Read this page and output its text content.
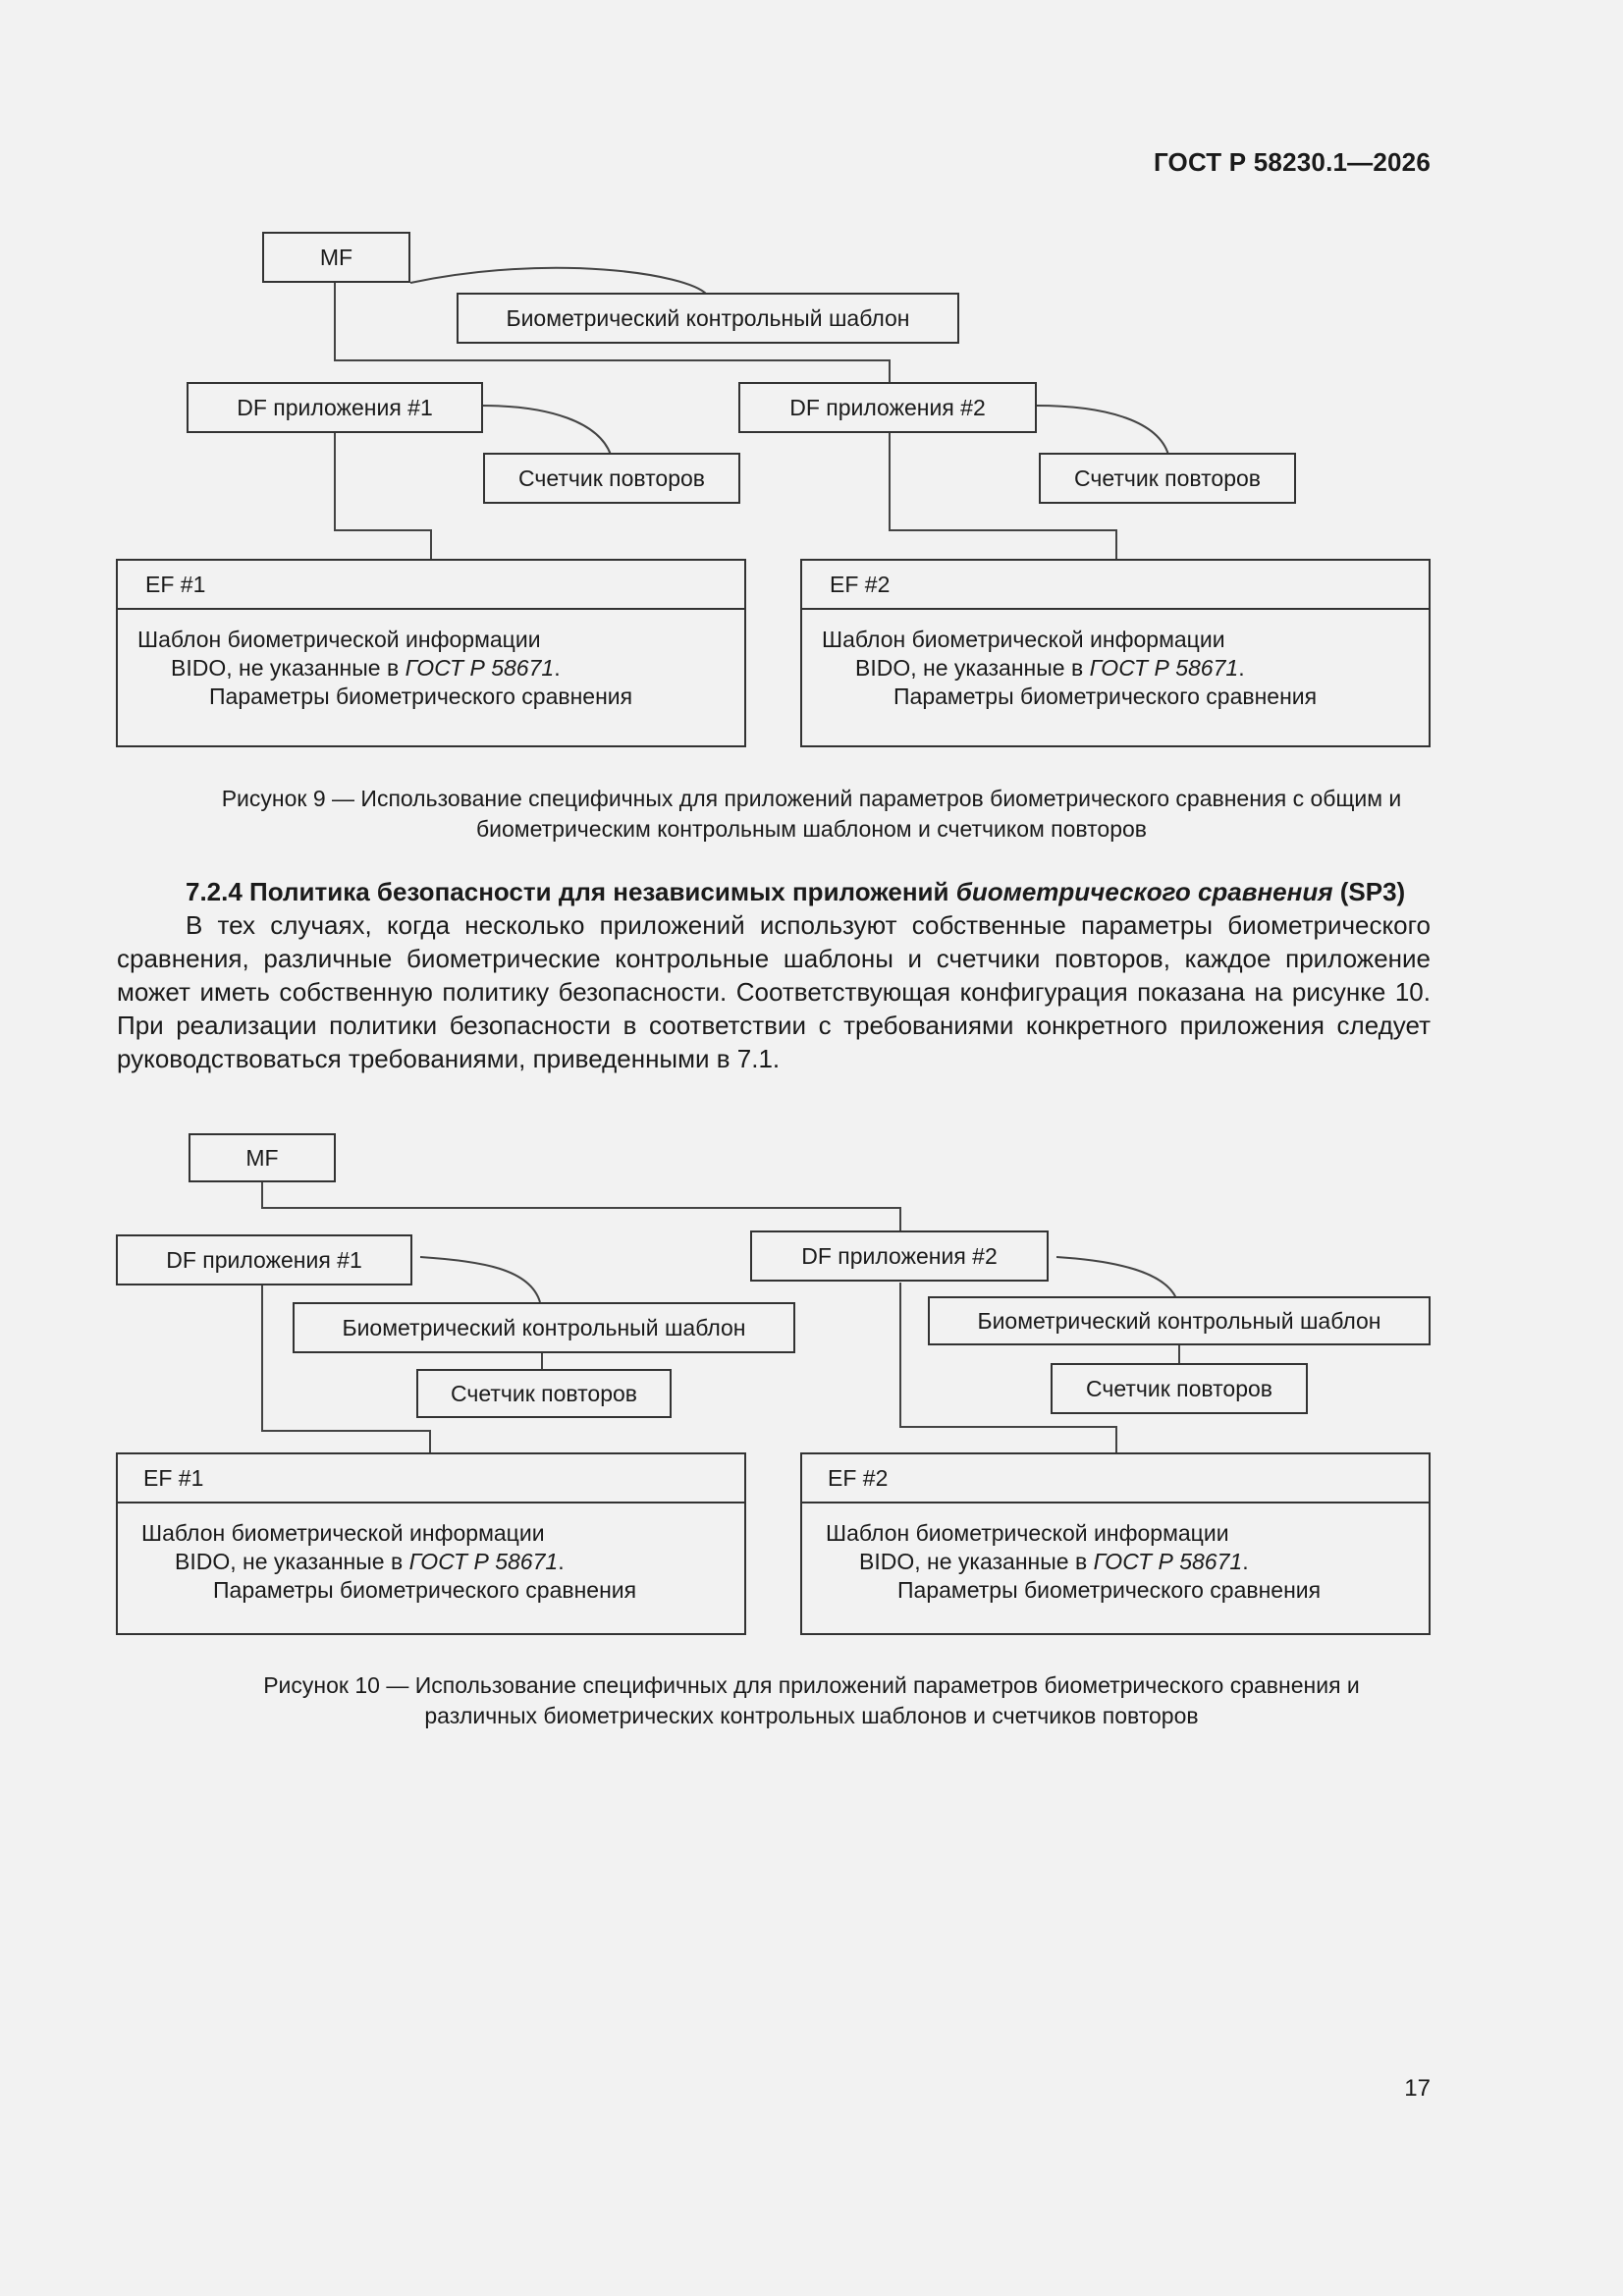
ГОСТ Р 58230.1—2026
MF
Биометрический контрольный шаблон
DF приложения #1	DF приложения #2
Счетчик повторов	Счетчик повторов
EF #1
Шаблон биометрической информации
BIDO, не указанные в ГОСТ Р 58671.
Параметры биометрического сравнения
EF #2
Шаблон биометрической информации
BIDO, не указанные в ГОСТ Р 58671.
Параметры биометрического сравнения
Рисунок 9 — Использование специфичных для приложений параметров биометрического сравнения с общим и
биометрическим контрольным шаблоном и счетчиком повторов
7.2.4 Политика безопасности для независимых приложений биометрического сравнения (SP3)
В тех случаях, когда несколько приложений используют собственные параметры биометрического сравнения, различные биометрические контрольные шаблоны и счетчики повторов, каждое приложение может иметь собственную политику безопасности. Соответствующая конфигурация показана на рисунке 10. При реализации политики безопасности в соответствии с требованиями конкретного приложения следует руководствоваться требованиями, приведенными в 7.1.
MF
DF приложения #1	DF приложения #2
Биометрический контрольный шаблон	Биометрический контрольный шаблон
Счетчик повторов	Счетчик повторов
EF #1
Шаблон биометрической информации
BIDO, не указанные в ГОСТ Р 58671.
Параметры биометрического сравнения
EF #2
Шаблон биометрической информации
BIDO, не указанные в ГОСТ Р 58671.
Параметры биометрического сравнения
Рисунок 10 — Использование специфичных для приложений параметров биометрического сравнения и
различных биометрических контрольных шаблонов и счетчиков повторов
17
